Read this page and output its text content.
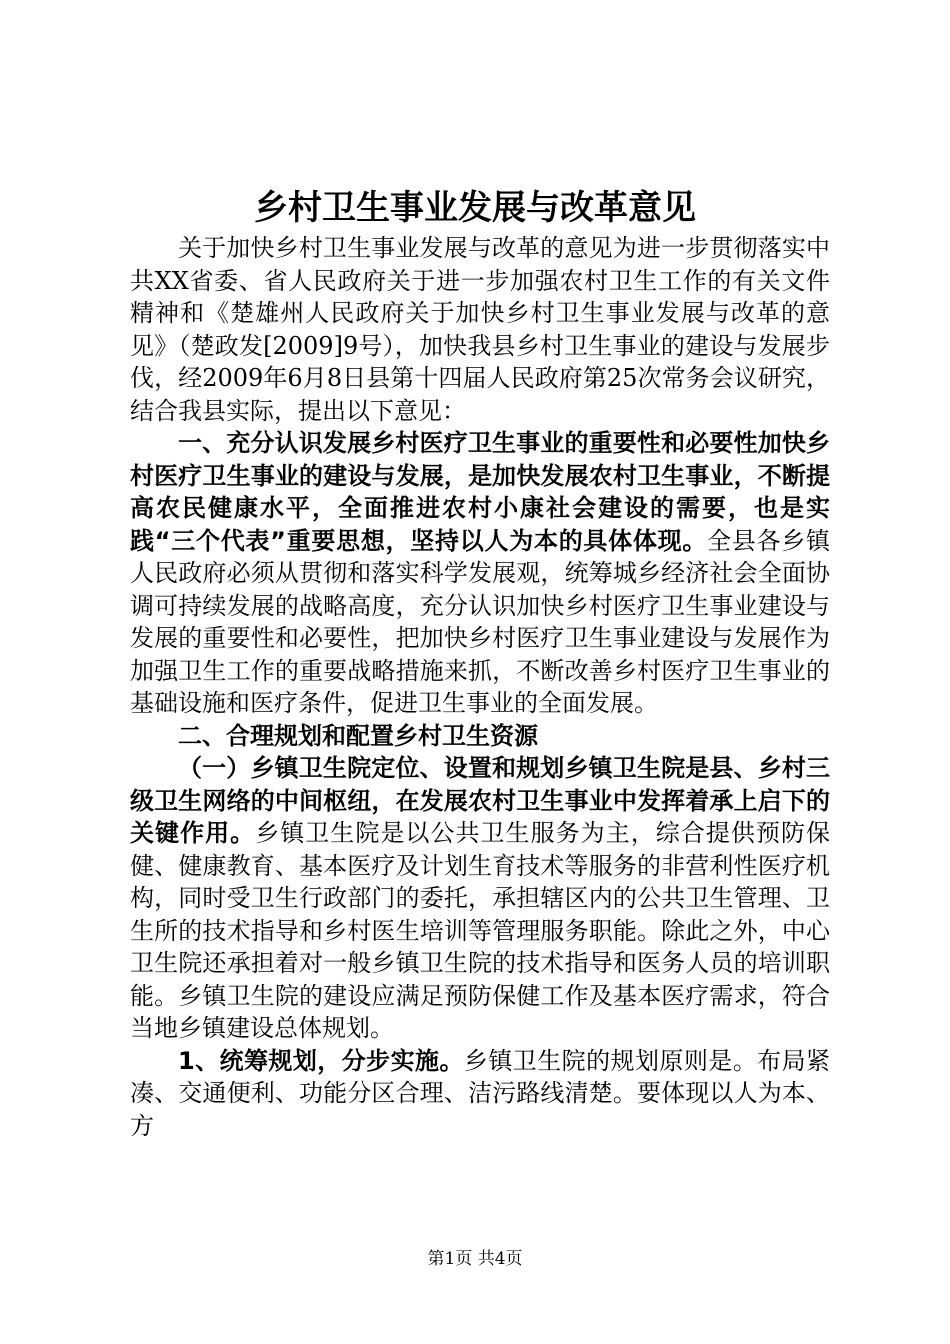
乡村卫生事业发展与改革意见

关于加快乡村卫生事业发展与改革的意见为进一步贯彻落实中共XX省委、省人民政府关于进一步加强农村卫生工作的有关文件精神和《楚雄州人民政府关于加快乡村卫生事业发展与改革的意见》（楚政发[2009]9号），加快我县乡村卫生事业的建设与发展步伐，经2009年6月8日县第十四届人民政府第25次常务会议研究，结合我县实际，提出以下意见：

一、充分认识发展乡村医疗卫生事业的重要性和必要性加快乡村医疗卫生事业的建设与发展，是加快发展农村卫生事业，不断提高农民健康水平，全面推进农村小康社会建设的需要，也是实践“三个代表”重要思想，坚持以人为本的具体体现。全县各乡镇人民政府必须从贯彻和落实科学发展观，统筹城乡经济社会全面协调可持续发展的战略高度，充分认识加快乡村医疗卫生事业建设与发展的重要性和必要性，把加快乡村医疗卫生事业建设与发展作为加强卫生工作的重要战略措施来抓，不断改善乡村医疗卫生事业的基础设施和医疗条件，促进卫生事业的全面发展。

二、合理规划和配置乡村卫生资源

（一）乡镇卫生院定位、设置和规划乡镇卫生院是县、乡村三级卫生网络的中间枢纽，在发展农村卫生事业中发挥着承上启下的关键作用。乡镇卫生院是以公共卫生服务为主，综合提供预防保健、健康教育、基本医疗及计划生育技术等服务的非营利性医疗机构，同时受卫生行政部门的委托，承担辖区内的公共卫生管理、卫生所的技术指导和乡村医生培训等管理服务职能。除此之外，中心卫生院还承担着对一般乡镇卫生院的技术指导和医务人员的培训职能。乡镇卫生院的建设应满足预防保健工作及基本医疗需求，符合当地乡镇建设总体规划。

1、统筹规划，分步实施。乡镇卫生院的规划原则是。布局紧凑、交通便利、功能分区合理、洁污路线清楚。要体现以人为本、方

第1页 共4页
